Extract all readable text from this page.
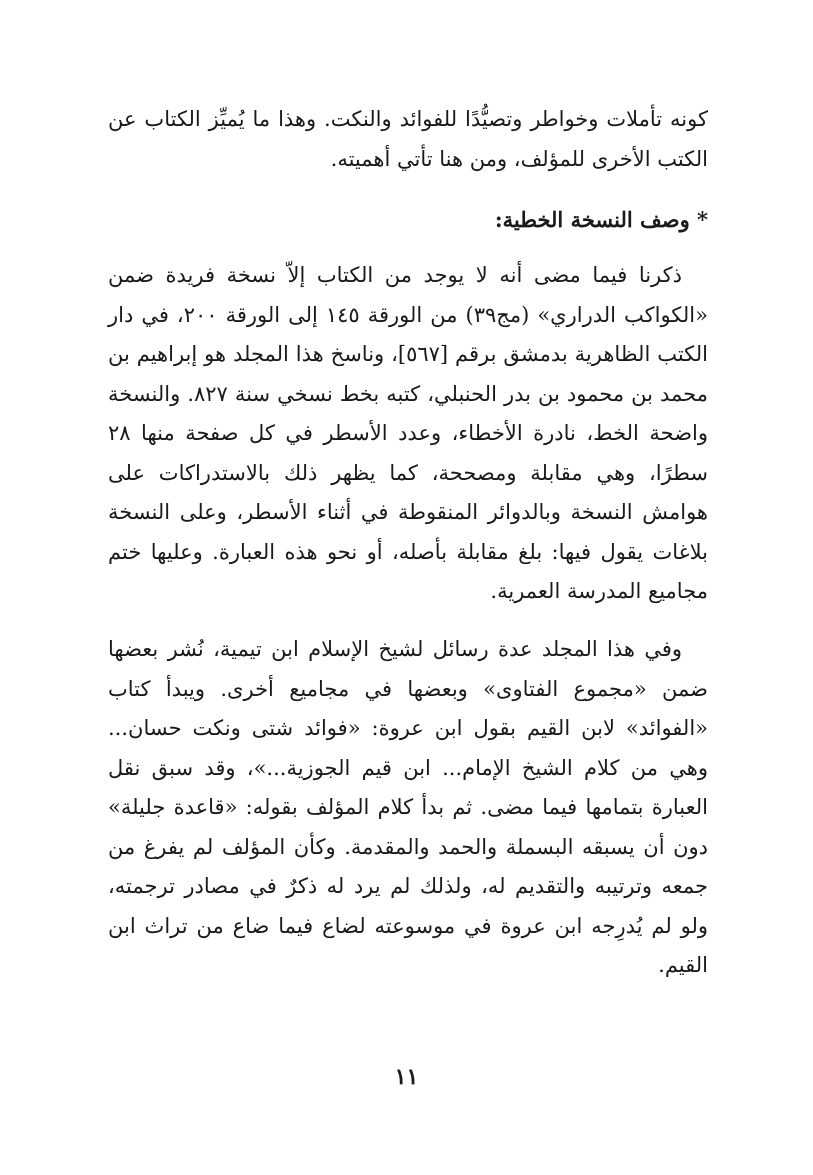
كونه تأملات وخواطر وتصيُّدًا للفوائد والنكت. وهذا ما يُميِّز الكتاب عن الكتب الأخرى للمؤلف، ومن هنا تأتي أهميته.
* وصف النسخة الخطية:
ذكرنا فيما مضى أنه لا يوجد من الكتاب إلاّ نسخة فريدة ضمن «الكواكب الدراري» (مج٣٩) من الورقة ١٤٥ إلى الورقة ٢٠٠، في دار الكتب الظاهرية بدمشق برقم [٥٦٧]، وناسخ هذا المجلد هو إبراهيم بن محمد بن محمود بن بدر الحنبلي، كتبه بخط نسخي سنة ٨٢٧. والنسخة واضحة الخط، نادرة الأخطاء، وعدد الأسطر في كل صفحة منها ٢٨ سطرًا، وهي مقابلة ومصححة، كما يظهر ذلك بالاستدراكات على هوامش النسخة وبالدوائر المنقوطة في أثناء الأسطر، وعلى النسخة بلاغات يقول فيها: بلغ مقابلة بأصله، أو نحو هذه العبارة. وعليها ختم مجاميع المدرسة العمرية.
وفي هذا المجلد عدة رسائل لشيخ الإسلام ابن تيمية، نُشر بعضها ضمن «مجموع الفتاوى» وبعضها في مجاميع أخرى. ويبدأ كتاب «الفوائد» لابن القيم بقول ابن عروة: «فوائد شتى ونكت حسان... وهي من كلام الشيخ الإمام... ابن قيم الجوزية...»، وقد سبق نقل العبارة بتمامها فيما مضى. ثم بدأ كلام المؤلف بقوله: «قاعدة جليلة» دون أن يسبقه البسملة والحمد والمقدمة. وكأن المؤلف لم يفرغ من جمعه وترتيبه والتقديم له، ولذلك لم يرد له ذكرٌ في مصادر ترجمته، ولو لم يُدرِجه ابن عروة في موسوعته لضاع فيما ضاع من تراث ابن القيم.
١١
